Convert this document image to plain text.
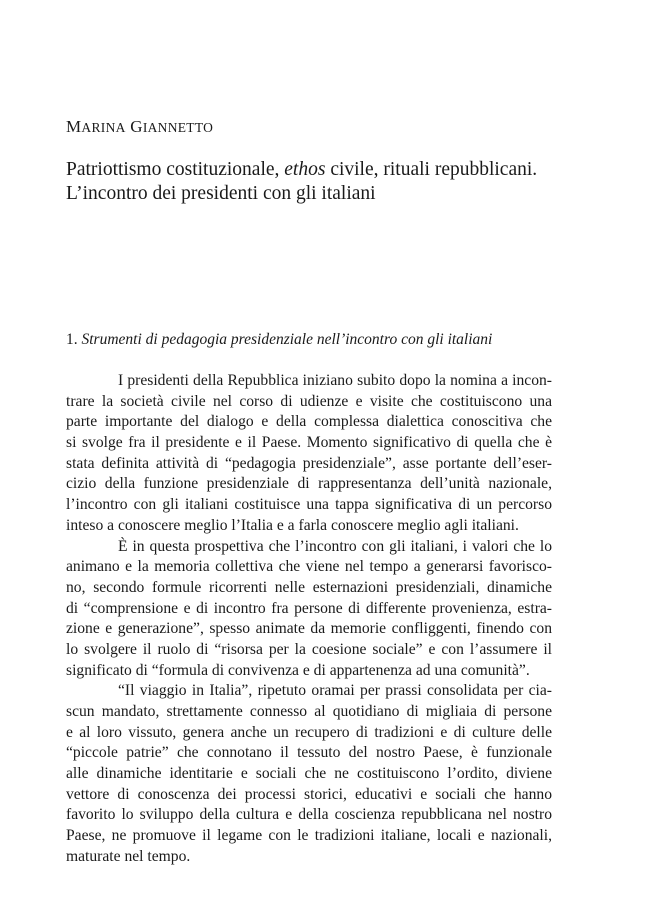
MARINA GIANNETTO
Patriottismo costituzionale, ethos civile, rituali repubblicani.
L’incontro dei presidenti con gli italiani
1. Strumenti di pedagogia presidenziale nell’incontro con gli italiani
I presidenti della Repubblica iniziano subito dopo la nomina a incon-
trare la società civile nel corso di udienze e visite che costituiscono una
parte importante del dialogo e della complessa dialettica conoscitiva che
si svolge fra il presidente e il Paese. Momento significativo di quella che è
stata definita attività di “pedagogia presidenziale”, asse portante dell’eser-
cizio della funzione presidenziale di rappresentanza dell’unità nazionale,
l’incontro con gli italiani costituisce una tappa significativa di un percorso
inteso a conoscere meglio l’Italia e a farla conoscere meglio agli italiani.
È in questa prospettiva che l’incontro con gli italiani, i valori che lo
animano e la memoria collettiva che viene nel tempo a generarsi favorisco-
no, secondo formule ricorrenti nelle esternazioni presidenziali, dinamiche
di “comprensione e di incontro fra persone di differente provenienza, estra-
zione e generazione”, spesso animate da memorie confliggenti, finendo con
lo svolgere il ruolo di “risorsa per la coesione sociale” e con l’assumere il
significato di “formula di convivenza e di appartenenza ad una comunità”.
“Il viaggio in Italia”, ripetuto oramai per prassi consolidata per cia-
scun mandato, strettamente connesso al quotidiano di migliaia di persone
e al loro vissuto, genera anche un recupero di tradizioni e di culture delle
“piccole patrie” che connotano il tessuto del nostro Paese, è funzionale
alle dinamiche identitarie e sociali che ne costituiscono l’ordito, diviene
vettore di conoscenza dei processi storici, educativi e sociali che hanno
favorito lo sviluppo della cultura e della coscienza repubblicana nel nostro
Paese, ne promuove il legame con le tradizioni italiane, locali e nazionali,
maturate nel tempo.
